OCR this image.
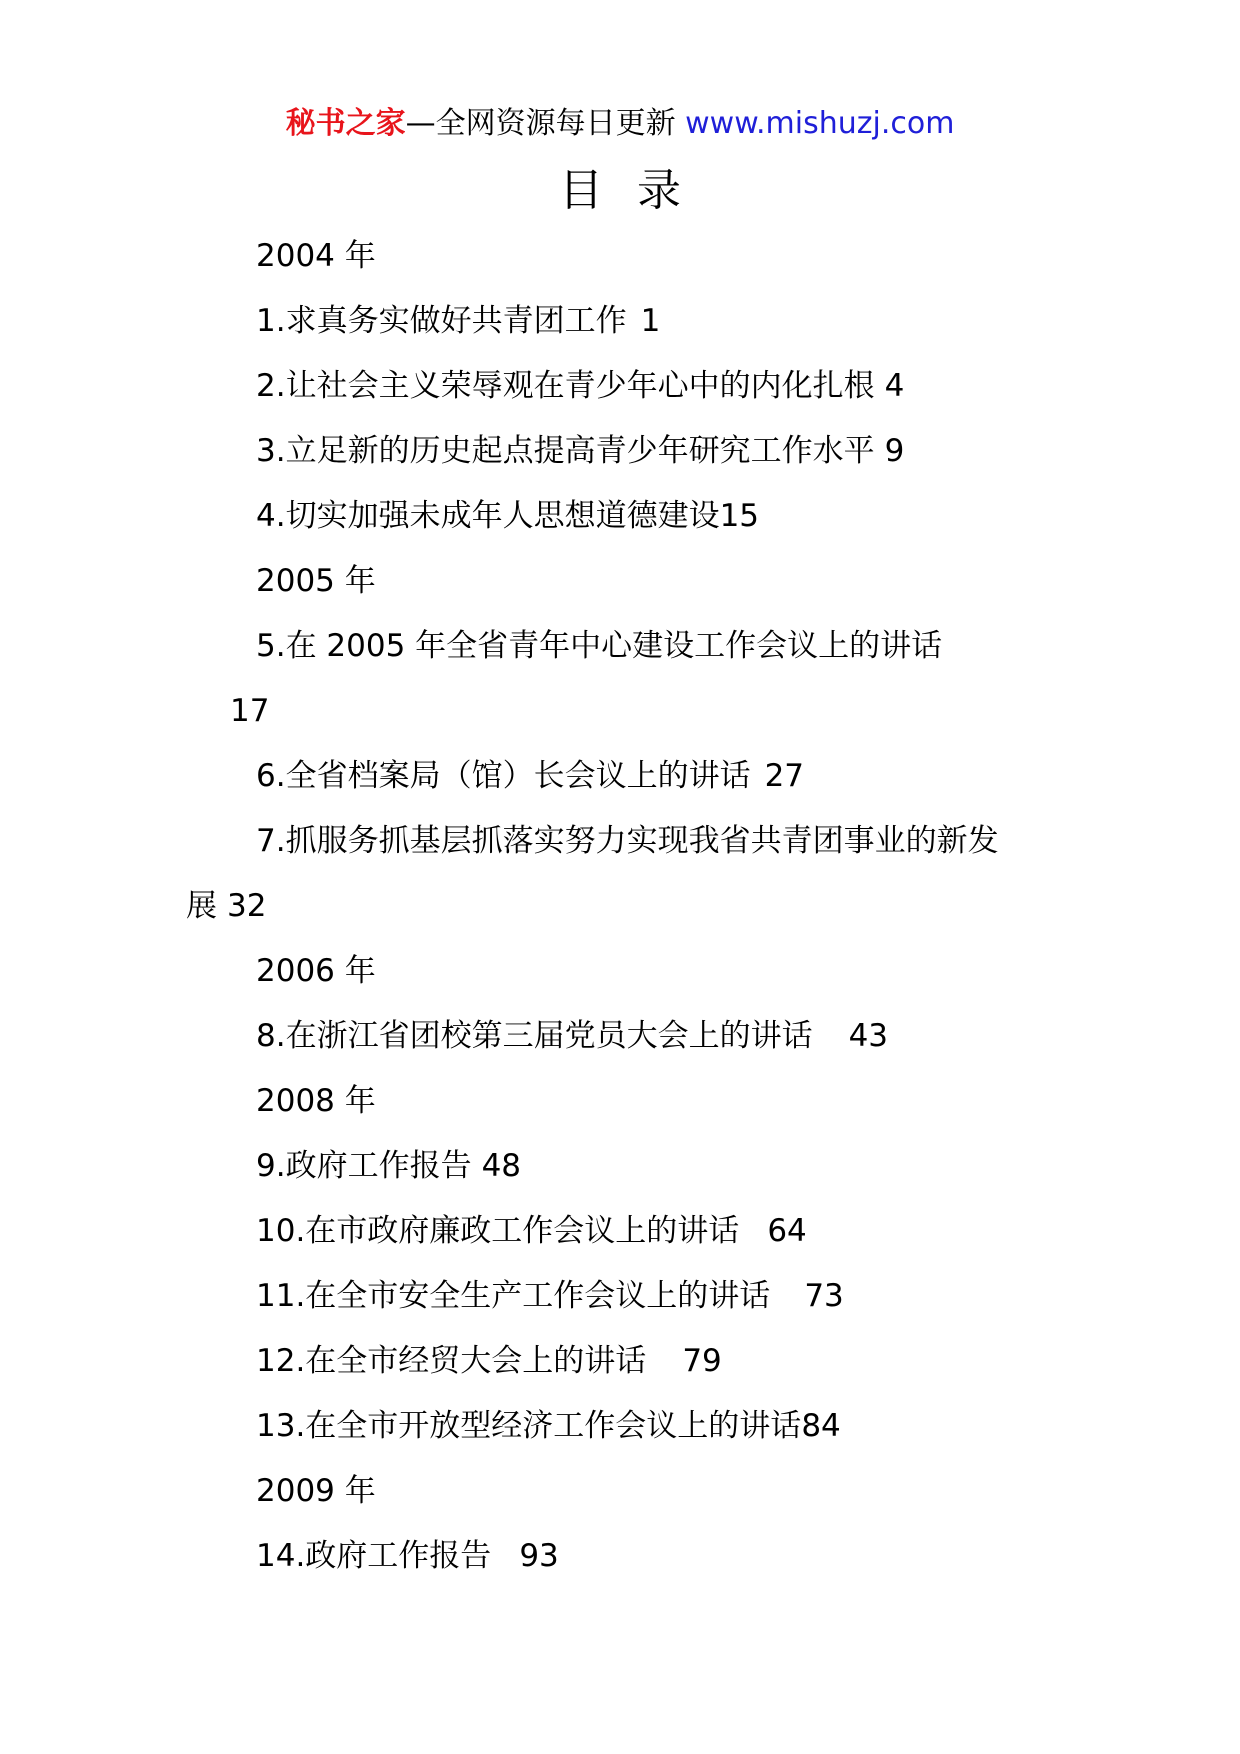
秘书之家—全网资源每日更新 www.mishuzj.com
目录
2004 年
1.求真务实做好共青团工作 1
2.让社会主义荣辱观在青少年心中的内化扎根 4
3.立足新的历史起点提高青少年研究工作水平 9
4.切实加强未成年人思想道德建设15
2005 年
5.在 2005 年全省青年中心建设工作会议上的讲话
17
6.全省档案局（馆）长会议上的讲话 27
7.抓服务抓基层抓落实努力实现我省共青团事业的新发
展 32
2006 年
8.在浙江省团校第三届党员大会上的讲话 43
2008 年
9.政府工作报告 48
10.在市政府廉政工作会议上的讲话 64
11.在全市安全生产工作会议上的讲话 73
12.在全市经贸大会上的讲话 79
13.在全市开放型经济工作会议上的讲话84
2009 年
14.政府工作报告 93
